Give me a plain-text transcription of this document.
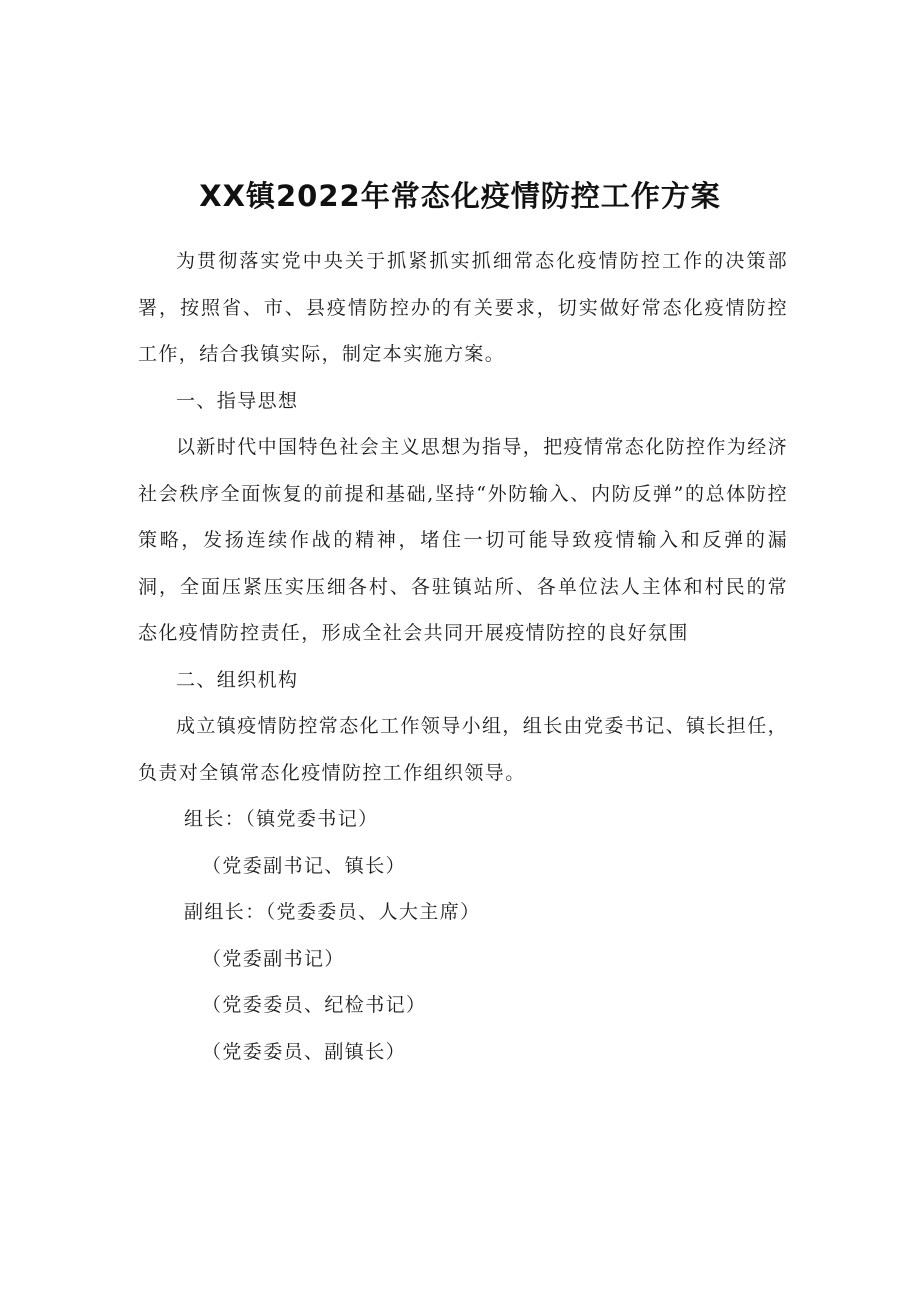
XX镇2022年常态化疫情防控工作方案

为贯彻落实党中央关于抓紧抓实抓细常态化疫情防控工作的决策部署，按照省、市、县疫情防控办的有关要求，切实做好常态化疫情防控工作，结合我镇实际，制定本实施方案。

一、指导思想

以新时代中国特色社会主义思想为指导，把疫情常态化防控作为经济社会秩序全面恢复的前提和基础,坚持“外防输入、内防反弹”的总体防控策略，发扬连续作战的精神，堵住一切可能导致疫情输入和反弹的漏洞，全面压紧压实压细各村、各驻镇站所、各单位法人主体和村民的常态化疫情防控责任，形成全社会共同开展疫情防控的良好氛围

二、组织机构

成立镇疫情防控常态化工作领导小组，组长由党委书记、镇长担任，负责对全镇常态化疫情防控工作组织领导。

组长：（镇党委书记）

（党委副书记、镇长）

副组长：（党委委员、人大主席）

（党委副书记）

（党委委员、纪检书记）

（党委委员、副镇长）
